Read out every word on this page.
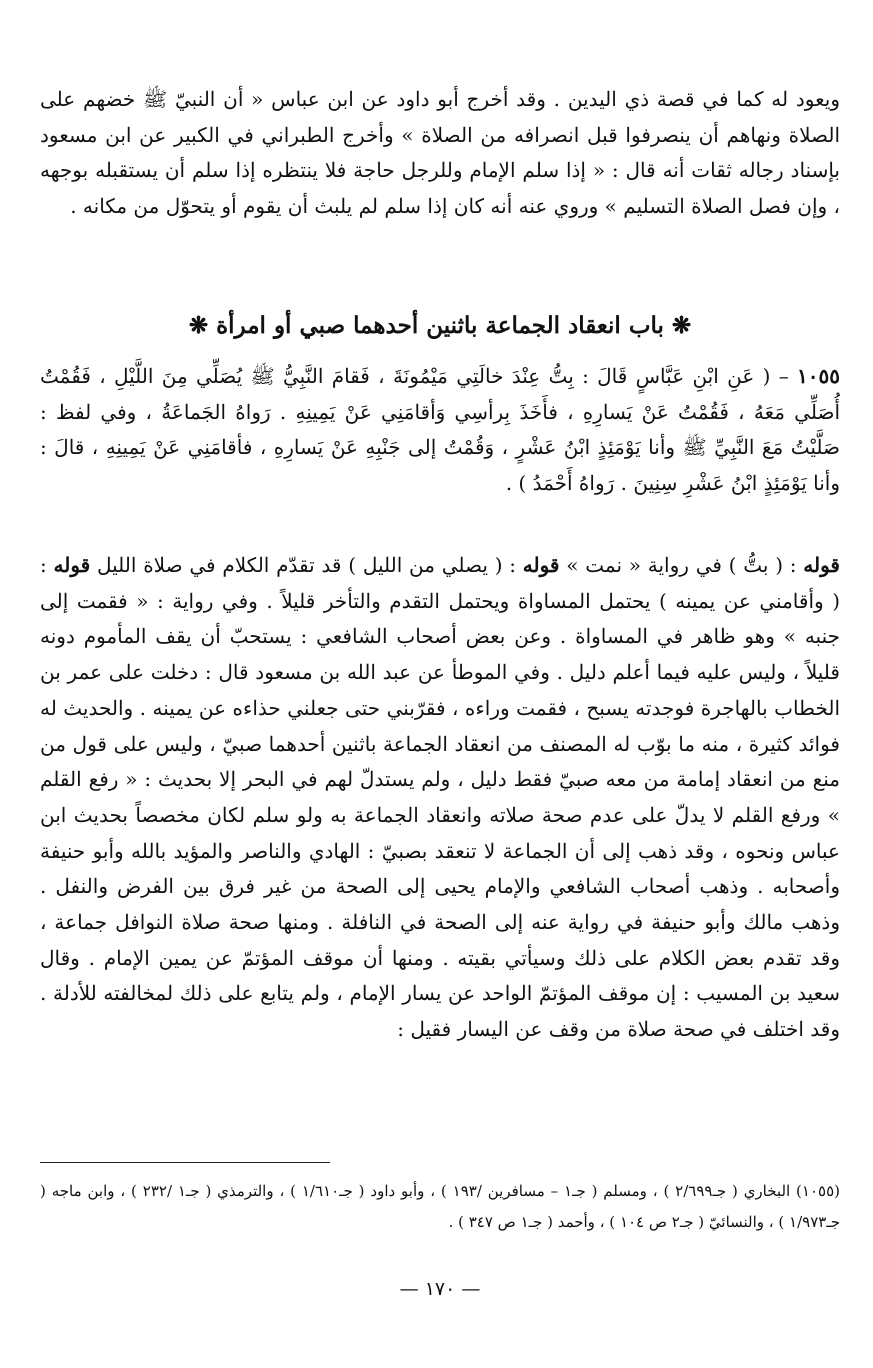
ويعود له كما في قصة ذي اليدين . وقد أخرج أبو داود عن ابن عباس « أن النبيّ ﷺ خضهم على الصلاة ونهاهم أن ينصرفوا قبل انصرافه من الصلاة » وأخرج الطبراني في الكبير عن ابن مسعود بإسناد رجاله ثقات أنه قال : « إذا سلم الإمام وللرجل حاجة فلا ينتظره إذا سلم أن يستقبله بوجهه ، وإن فصل الصلاة التسليم » وروي عنه أنه كان إذا سلم لم يلبث أن يقوم أو يتحوّل من مكانه .

❋ باب انعقاد الجماعة باثنين أحدهما صبي أو امرأة ❋

١٠٥٥ – ( عَنِ ابْنِ عَبَّاسٍ قَالَ : بِتُّ عِنْدَ خالَتِي مَيْمُونَةَ ، فَقامَ النَّبِيُّ ﷺ يُصَلِّي مِنَ اللَّيْلِ ، فَقُمْتُ أُصَلِّي مَعَهُ ، فَقُمْتُ عَنْ يَسارِهِ ، فأَخَذَ بِرأسِي وَأقامَنِي عَنْ يَمِينِهِ . رَواهُ الجَماعَةُ ، وفي لفظ : صَلَّيْتُ مَعَ النَّبِيِّ ﷺ وأنا يَوْمَئِذٍ ابْنُ عَشْرٍ ، وَقُمْتُ إلى جَنْبِهِ عَنْ يَسارِهِ ، فأقامَنِي عَنْ يَمِينِهِ ، قالَ : وأنا يَوْمَئِذٍ ابْنُ عَشْرِ سِنِينَ . رَواهُ أَحْمَدُ ) .

قوله : ( بتُّ ) في رواية « نمت » قوله : ( يصلي من الليل ) قد تقدّم الكلام في صلاة الليل قوله : ( وأقامني عن يمينه ) يحتمل المساواة ويحتمل التقدم والتأخر قليلاً . وفي رواية : « فقمت إلى جنبه » وهو ظاهر في المساواة . وعن بعض أصحاب الشافعي : يستحبّ أن يقف المأموم دونه قليلاً ، وليس عليه فيما أعلم دليل . وفي الموطأ عن عبد الله بن مسعود قال : دخلت على عمر بن الخطاب بالهاجرة فوجدته يسبح ، فقمت وراءه ، فقرّبني حتى جعلني حذاءه عن يمينه . والحديث له فوائد كثيرة ، منه ما بوّب له المصنف من انعقاد الجماعة باثنين أحدهما صبيّ ، وليس على قول من منع من انعقاد إمامة من معه صبيّ فقط دليل ، ولم يستدلّ لهم في البحر إلا بحديث : « رفع القلم » ورفع القلم لا يدلّ على عدم صحة صلاته وانعقاد الجماعة به ولو سلم لكان مخصصاً بحديث ابن عباس ونحوه ، وقد ذهب إلى أن الجماعة لا تنعقد بصبيّ : الهادي والناصر والمؤيد بالله وأبو حنيفة وأصحابه . وذهب أصحاب الشافعي والإمام يحيى إلى الصحة من غير فرق بين الفرض والنفل . وذهب مالك وأبو حنيفة في رواية عنه إلى الصحة في النافلة . ومنها صحة صلاة النوافل جماعة ، وقد تقدم بعض الكلام على ذلك وسيأتي بقيته . ومنها أن موقف المؤتمّ عن يمين الإمام . وقال سعيد بن المسيب : إن موقف المؤتمّ الواحد عن يسار الإمام ، ولم يتابع على ذلك لمخالفته للأدلة . وقد اختلف في صحة صلاة من وقف عن اليسار فقيل :

(١٠٥٥) البخاري ( جـ٢/٦٩٩ ) ، ومسلم ( جـ١ – مسافرين /١٩٣ ) ، وأبو داود ( جـ١/٦١٠ ) ، والترمذي ( جـ١ /٢٣٢ ) ، وابن ماجه ( جـ١/٩٧٣ ) ، والنسائيّ ( جـ٢ ص ١٠٤ ) ، وأحمد ( جـ١ ص ٣٤٧ ) .

— ١٧٠ —
